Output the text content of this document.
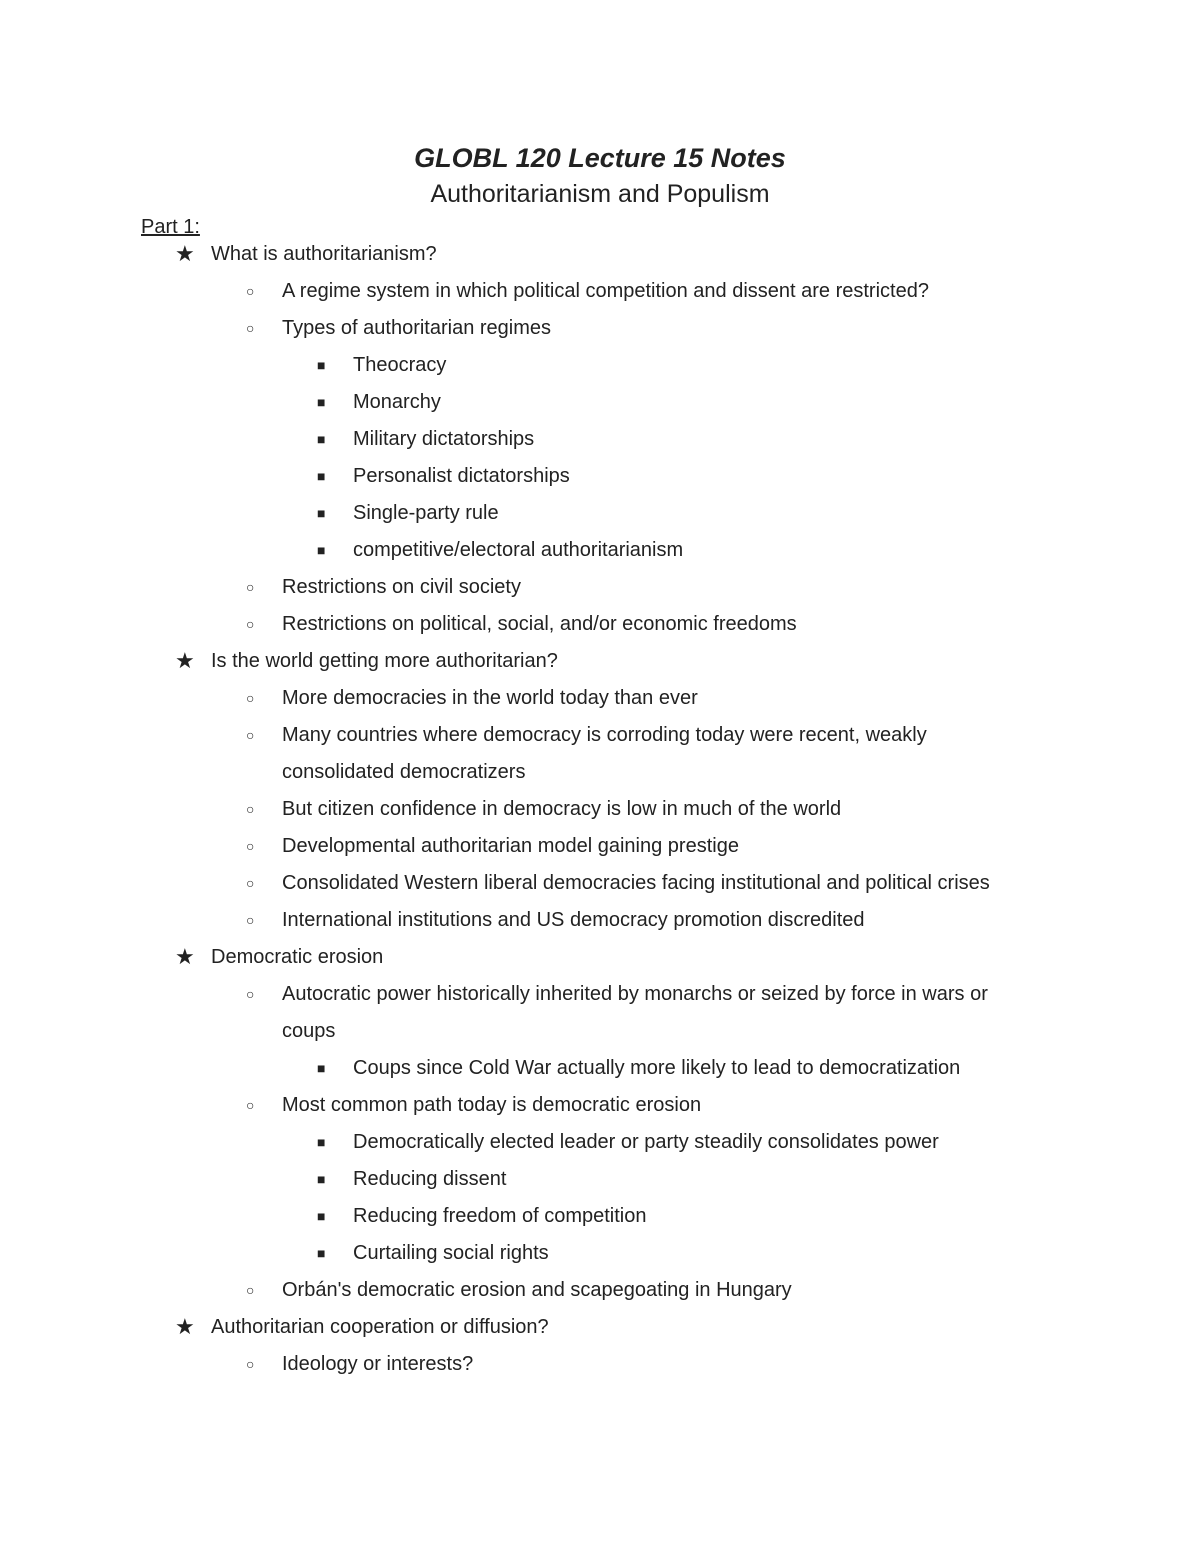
GLOBL 120 Lecture 15 Notes
Authoritarianism and Populism
Part 1:
★ What is authoritarianism?
○ A regime system in which political competition and dissent are restricted?
○ Types of authoritarian regimes
■ Theocracy
■ Monarchy
■ Military dictatorships
■ Personalist dictatorships
■ Single-party rule
■ competitive/electoral authoritarianism
○ Restrictions on civil society
○ Restrictions on political, social, and/or economic freedoms
★ Is the world getting more authoritarian?
○ More democracies in the world today than ever
○ Many countries where democracy is corroding today were recent, weakly
consolidated democratizers
○ But citizen confidence in democracy is low in much of the world
○ Developmental authoritarian model gaining prestige
○ Consolidated Western liberal democracies facing institutional and political crises
○ International institutions and US democracy promotion discredited
★ Democratic erosion
○ Autocratic power historically inherited by monarchs or seized by force in wars or
coups
■ Coups since Cold War actually more likely to lead to democratization
○ Most common path today is democratic erosion
■ Democratically elected leader or party steadily consolidates power
■ Reducing dissent
■ Reducing freedom of competition
■ Curtailing social rights
○ Orbán's democratic erosion and scapegoating in Hungary
★ Authoritarian cooperation or diffusion?
○ Ideology or interests?
